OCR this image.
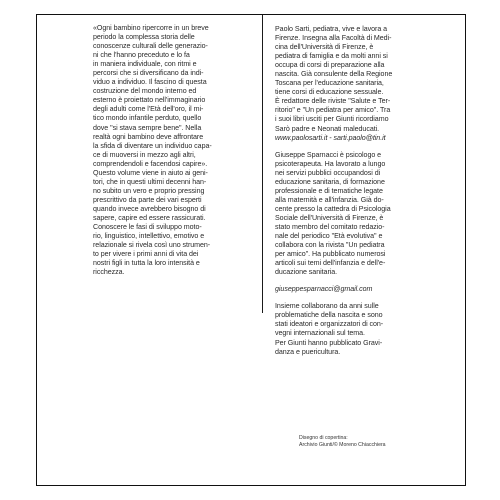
«Ogni bambino ripercorre in un breve
periodo la complessa storia delle
conoscenze culturali delle generazio-
ni che l'hanno preceduto e lo fa
in maniera individuale, con ritmi e
percorsi che si diversificano da indi-
viduo a individuo. Il fascino di questa
costruzione del mondo interno ed
esterno è proiettato nell'immaginario
degli adulti come l'Età dell'oro, il mi-
tico mondo infantile perduto, quello
dove "si stava sempre bene". Nella
realtà ogni bambino deve affrontare
la sfida di diventare un individuo capa-
ce di muoversi in mezzo agli altri,
comprendendoli e facendosi capire».
Questo volume viene in aiuto ai geni-
tori, che in questi ultimi decenni han-
no subito un vero e proprio pressing
prescrittivo da parte dei vari esperti
quando invece avrebbero bisogno di
sapere, capire ed essere rassicurati.
Conoscere le fasi di sviluppo moto-
rio, linguistico, intellettivo, emotivo e
relazionale si rivela così uno strumen-
to per vivere i primi anni di vita dei
nostri figli in tutta la loro intensità e
ricchezza.

Paolo Sarti, pediatra, vive e lavora a
Firenze. Insegna alla Facoltà di Medi-
cina dell'Università di Firenze, è
pediatra di famiglia e da molti anni si
occupa di corsi di preparazione alla
nascita. Già consulente della Regione
Toscana per l'educazione sanitaria,
tiene corsi di educazione sessuale.
È redattore delle riviste "Salute e Ter-
ritorio" e "Un pediatra per amico". Tra
i suoi libri usciti per Giunti ricordiamo
Sarò padre e Neonati maleducati.

www.paolosarti.it - sarti.paolo@tin.it

Giuseppe Sparnacci è psicologo e
psicoterapeuta. Ha lavorato a lungo
nei servizi pubblici occupandosi di
educazione sanitaria, di formazione
professionale e di tematiche legate
alla maternità e all'infanzia. Già do-
cente presso la cattedra di Psicologia
Sociale dell'Università di Firenze, è
stato membro del comitato redazio-
nale del periodico "Età evolutiva" e
collabora con la rivista "Un pediatra
per amico". Ha pubblicato numerosi
articoli sui temi dell'infanzia e dell'e-
ducazione sanitaria.

giuseppesparnacci@gmail.com

Insieme collaborano da anni sulle
problematiche della nascita e sono
stati ideatori e organizzatori di con-
vegni internazionali sul tema.
Per Giunti hanno pubblicato Gravi-
danza e puericultura.

Disegno di copertina:
Archivio Giunti/© Moreno Chiacchiera
